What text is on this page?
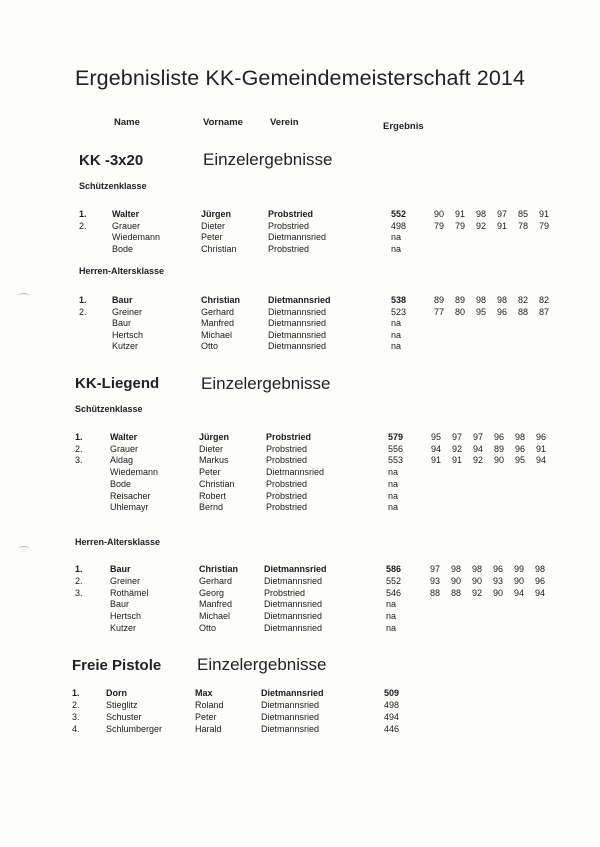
Ergebnisliste KK-Gemeindemeisterschaft 2014
Name	Vorname	Verein	Ergebnis
KK -3x20	Einzelergebnisse
Schützenklasse
1.	Walter	Jürgen	Probstried	552	90	91	98	97	85	91
2.	Grauer	Dieter	Probstried	498	79	79	92	91	78	79
Wiedemann	Peter	Dietmannsried	na
Bode	Christian	Probstried	na
Herren-Altersklasse
1.	Baur	Christian	Dietmannsried	538	89	89	98	98	82	82
2.	Greiner	Gerhard	Dietmannsried	523	77	80	95	96	88	87
Baur	Manfred	Dietmannsried	na
Hertsch	Michael	Dietmannsried	na
Kutzer	Otto	Dietmannsried	na
KK-Liegend Einzelergebnisse
Schützenklasse
1.	Walter	Jürgen	Probstried	579	95	97	97	96	98	96
2.	Grauer	Dieter	Probstried	556	94	92	94	89	96	91
3.	Aldag	Markus	Probstried	553	91	91	92	90	95	94
Wiedemann	Peter	Dietmannsried	na
Bode	Christian	Probstried	na
Reisacher	Robert	Probstried	na
Uhlemayr	Bernd	Probstried	na
Herren-Altersklasse
1.	Baur	Christian	Dietmannsried	586	97	98	98	96	99	98
2.	Greiner	Gerhard	Dietmannsried	552	93	90	90	93	90	96
3.	Rothämel	Georg	Probstried	546	88	88	92	90	94	94
Baur	Manfred	Dietmannsried	na
Hertsch	Michael	Dietmannsried	na
Kutzer	Otto	Dietmannsried	na
Freie Pistole Einzelergebnisse
1.	Dorn	Max	Dietmannsried	509
2.	Stieglitz	Roland	Dietmannsried	498
3.	Schuster	Peter	Dietmannsried	494
4.	Schlumberger	Harald	Dietmannsried	446
